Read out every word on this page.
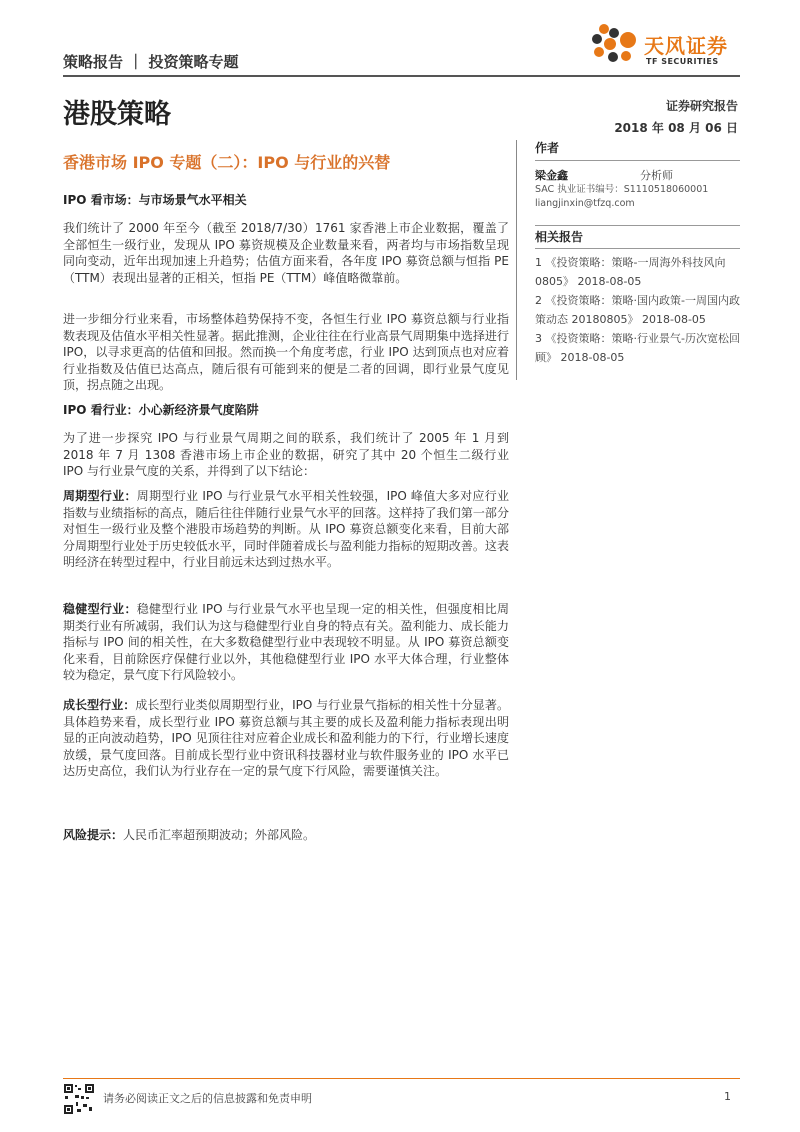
策略报告 ｜ 投资策略专题
天风证券
TF SECURITIES
港股策略	证券研究报告
2018 年 08 月 06 日
香港市场 IPO 专题（二）：IPO 与行业的兴替
IPO 看市场：与市场景气水平相关

我们统计了 2000 年至今（截至 2018/7/30）1761 家香港上市企业数据，覆盖了全部恒生一级行业，发现从 IPO 募资规模及企业数量来看，两者均与市场指数呈现同向变动，近年出现加速上升趋势；估值方面来看，各年度 IPO 募资总额与恒指 PE（TTM）表现出显著的正相关，恒指 PE（TTM）峰值略微靠前。

进一步细分行业来看，市场整体趋势保持不变，各恒生行业 IPO 募资总额与行业指数表现及估值水平相关性显著。据此推测，企业往往在行业高景气周期集中选择进行 IPO，以寻求更高的估值和回报。然而换一个角度考虑，行业 IPO 达到顶点也对应着行业指数及估值已达高点，随后很有可能到来的便是二者的回调，即行业景气度见顶，拐点随之出现。

IPO 看行业：小心新经济景气度陷阱

为了进一步探究 IPO 与行业景气周期之间的联系，我们统计了 2005 年 1 月到 2018 年 7 月 1308 香港市场上市企业的数据，研究了其中 20 个恒生二级行业 IPO 与行业景气度的关系，并得到了以下结论：

周期型行业：周期型行业 IPO 与行业景气水平相关性较强，IPO 峰值大多对应行业指数与业绩指标的高点，随后往往伴随行业景气水平的回落。这样持了我们第一部分对恒生一级行业及整个港股市场趋势的判断。从 IPO 募资总额变化来看，目前大部分周期型行业处于历史较低水平，同时伴随着成长与盈利能力指标的短期改善。这表明经济在转型过程中，行业目前远未达到过热水平。

稳健型行业：稳健型行业 IPO 与行业景气水平也呈现一定的相关性，但强度相比周期类行业有所减弱，我们认为这与稳健型行业自身的特点有关。盈利能力、成长能力指标与 IPO 间的相关性，在大多数稳健型行业中表现较不明显。从 IPO 募资总额变化来看，目前除医疗保健行业以外，其他稳健型行业 IPO 水平大体合理，行业整体较为稳定，景气度下行风险较小。

成长型行业：成长型行业类似周期型行业，IPO 与行业景气指标的相关性十分显著。具体趋势来看，成长型行业 IPO 募资总额与其主要的成长及盈利能力指标表现出明显的正向波动趋势，IPO 见顶往往对应着企业成长和盈利能力的下行，行业增长速度放缓，景气度回落。目前成长型行业中资讯科技器材业与软件服务业的 IPO 水平已达历史高位，我们认为行业存在一定的景气度下行风险，需要谨慎关注。

风险提示：人民币汇率超预期波动；外部风险。

作者
梁金鑫	分析师
SAC 执业证书编号：S1110518060001
liangjinxin@tfzq.com
相关报告
1 《投资策略：策略-一周海外科技风向 0805》 2018-08-05
2 《投资策略：策略·国内政策-一周国内政策动态 20180805》 2018-08-05
3 《投资策略：策略·行业景气-历次宽松回顾》 2018-08-05
请务必阅读正文之后的信息披露和免责申明	1
